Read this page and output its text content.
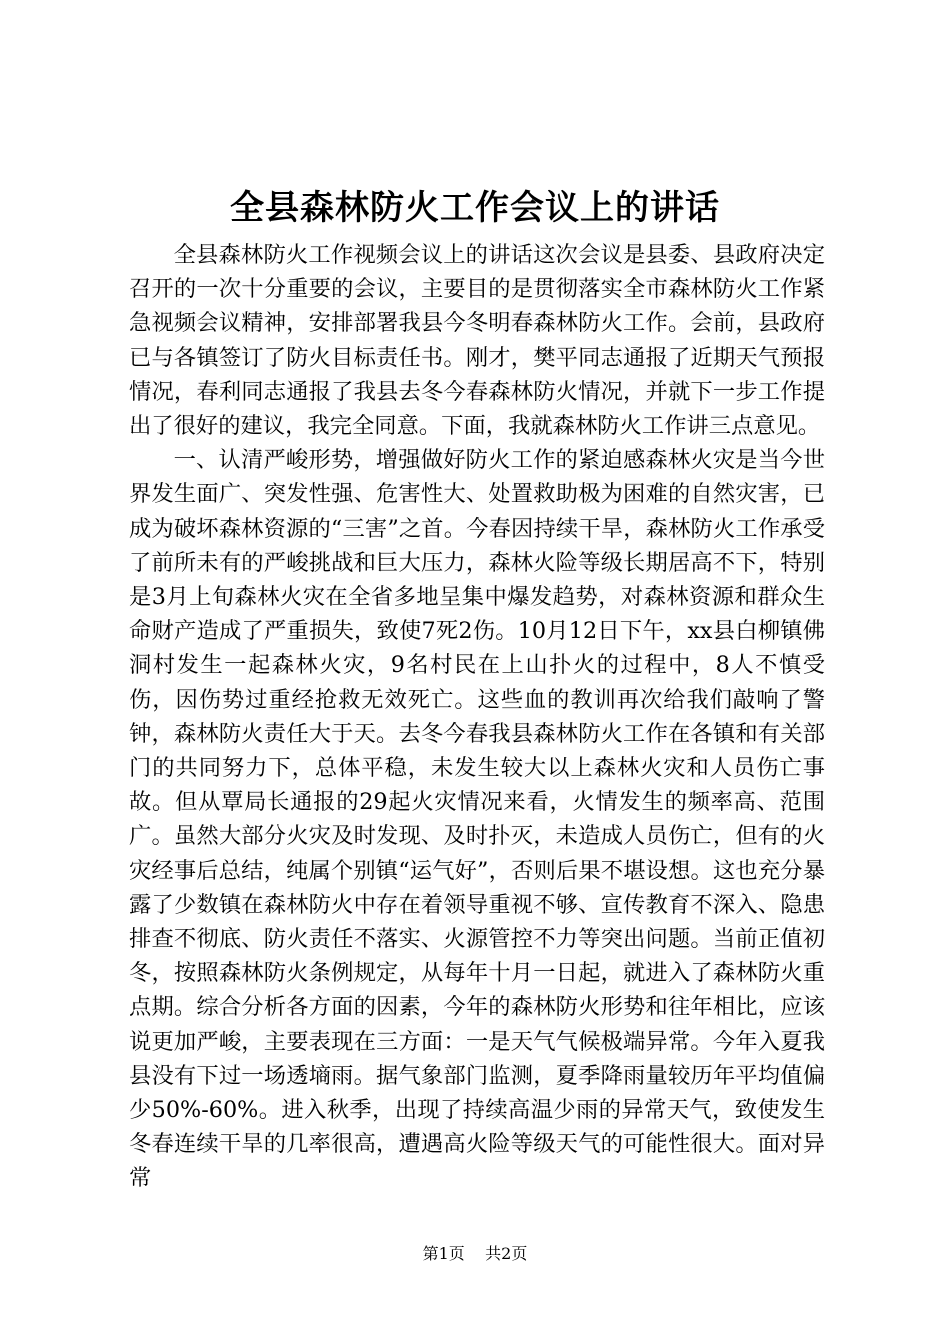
全县森林防火工作会议上的讲话

全县森林防火工作视频会议上的讲话这次会议是县委、县政府决定召开的一次十分重要的会议，主要目的是贯彻落实全市森林防火工作紧急视频会议精神，安排部署我县今冬明春森林防火工作。会前，县政府已与各镇签订了防火目标责任书。刚才，樊平同志通报了近期天气预报情况，春利同志通报了我县去冬今春森林防火情况，并就下一步工作提出了很好的建议，我完全同意。下面，我就森林防火工作讲三点意见。

一、认清严峻形势，增强做好防火工作的紧迫感森林火灾是当今世界发生面广、突发性强、危害性大、处置救助极为困难的自然灾害，已成为破坏森林资源的“三害”之首。今春因持续干旱，森林防火工作承受了前所未有的严峻挑战和巨大压力，森林火险等级长期居高不下，特别是3月上旬森林火灾在全省多地呈集中爆发趋势，对森林资源和群众生命财产造成了严重损失，致使7死2伤。10月12日下午，xx县白柳镇佛洞村发生一起森林火灾，9名村民在上山扑火的过程中，8人不慎受伤，因伤势过重经抢救无效死亡。这些血的教训再次给我们敲响了警钟，森林防火责任大于天。去冬今春我县森林防火工作在各镇和有关部门的共同努力下，总体平稳，未发生较大以上森林火灾和人员伤亡事故。但从覃局长通报的29起火灾情况来看，火情发生的频率高、范围广。虽然大部分火灾及时发现、及时扑灭，未造成人员伤亡，但有的火灾经事后总结，纯属个别镇“运气好”，否则后果不堪设想。这也充分暴露了少数镇在森林防火中存在着领导重视不够、宣传教育不深入、隐患排查不彻底、防火责任不落实、火源管控不力等突出问题。当前正值初冬，按照森林防火条例规定，从每年十月一日起，就进入了森林防火重点期。综合分析各方面的因素，今年的森林防火形势和往年相比，应该说更加严峻，主要表现在三方面：一是天气气候极端异常。今年入夏我县没有下过一场透墒雨。据气象部门监测，夏季降雨量较历年平均值偏少50%-60%。进入秋季，出现了持续高温少雨的异常天气，致使发生冬春连续干旱的几率很高，遭遇高火险等级天气的可能性很大。面对异常

第1页 共2页
